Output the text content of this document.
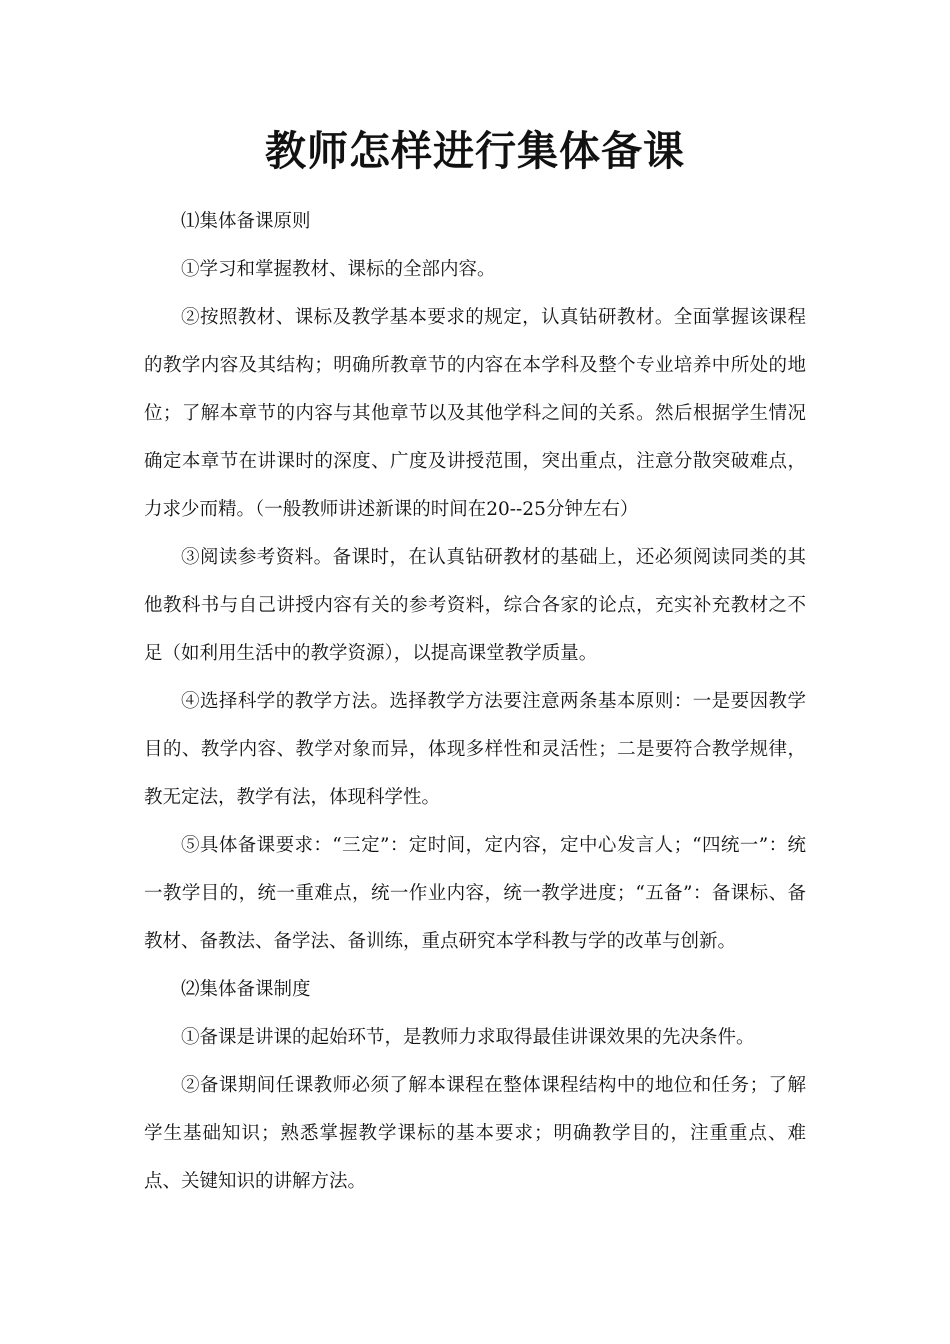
教师怎样进行集体备课

⑴集体备课原则

①学习和掌握教材、课标的全部内容。

②按照教材、课标及教学基本要求的规定，认真钻研教材。全面掌握该课程的教学内容及其结构；明确所教章节的内容在本学科及整个专业培养中所处的地位；了解本章节的内容与其他章节以及其他学科之间的关系。然后根据学生情况确定本章节在讲课时的深度、广度及讲授范围，突出重点，注意分散突破难点，力求少而精。（一般教师讲述新课的时间在20--25分钟左右）

③阅读参考资料。备课时，在认真钻研教材的基础上，还必须阅读同类的其他教科书与自己讲授内容有关的参考资料，综合各家的论点，充实补充教材之不足（如利用生活中的教学资源），以提高课堂教学质量。

④选择科学的教学方法。选择教学方法要注意两条基本原则：一是要因教学目的、教学内容、教学对象而异，体现多样性和灵活性；二是要符合教学规律，教无定法，教学有法，体现科学性。

⑤具体备课要求：“三定”：定时间，定内容，定中心发言人；“四统一”：统一教学目的，统一重难点，统一作业内容，统一教学进度；“五备”：备课标、备教材、备教法、备学法、备训练，重点研究本学科教与学的改革与创新。

⑵集体备课制度

①备课是讲课的起始环节，是教师力求取得最佳讲课效果的先决条件。

②备课期间任课教师必须了解本课程在整体课程结构中的地位和任务；了解学生基础知识；熟悉掌握教学课标的基本要求；明确教学目的，注重重点、难点、关键知识的讲解方法。
